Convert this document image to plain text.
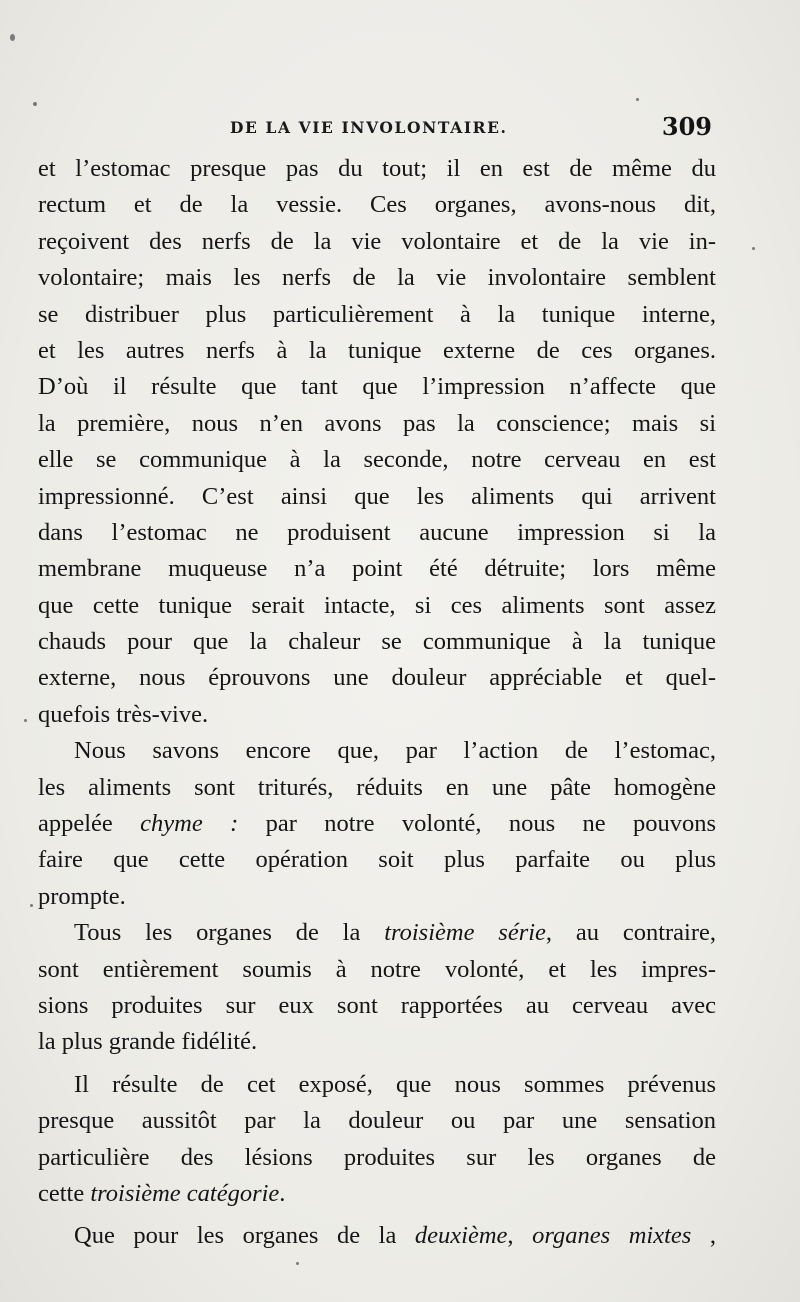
DE LA VIE INVOLONTAIRE.	309
et l’estomac presque pas du tout; il en est de même du
rectum et de la vessie. Ces organes, avons-nous dit,
reçoivent des nerfs de la vie volontaire et de la vie in-
volontaire; mais les nerfs de la vie involontaire semblent
se distribuer plus particulièrement à la tunique interne,
et les autres nerfs à la tunique externe de ces organes.
D’où il résulte que tant que l’impression n’affecte que
la première, nous n’en avons pas la conscience; mais si
elle se communique à la seconde, notre cerveau en est
impressionné. C’est ainsi que les aliments qui arrivent
dans l’estomac ne produisent aucune impression si la
membrane muqueuse n’a point été détruite; lors même
que cette tunique serait intacte, si ces aliments sont assez
chauds pour que la chaleur se communique à la tunique
externe, nous éprouvons une douleur appréciable et quel-
quefois très-vive.
Nous savons encore que, par l’action de l’estomac,
les aliments sont triturés, réduits en une pâte homogène
appelée chyme : par notre volonté, nous ne pouvons
faire que cette opération soit plus parfaite ou plus
prompte.
Tous les organes de la troisième série, au contraire,
sont entièrement soumis à notre volonté, et les impres-
sions produites sur eux sont rapportées au cerveau avec
la plus grande fidélité.
Il résulte de cet exposé, que nous sommes prévenus
presque aussitôt par la douleur ou par une sensation
particulière des lésions produites sur les organes de
cette troisième catégorie.
Que pour les organes de la deuxième, organes mixtes ,
